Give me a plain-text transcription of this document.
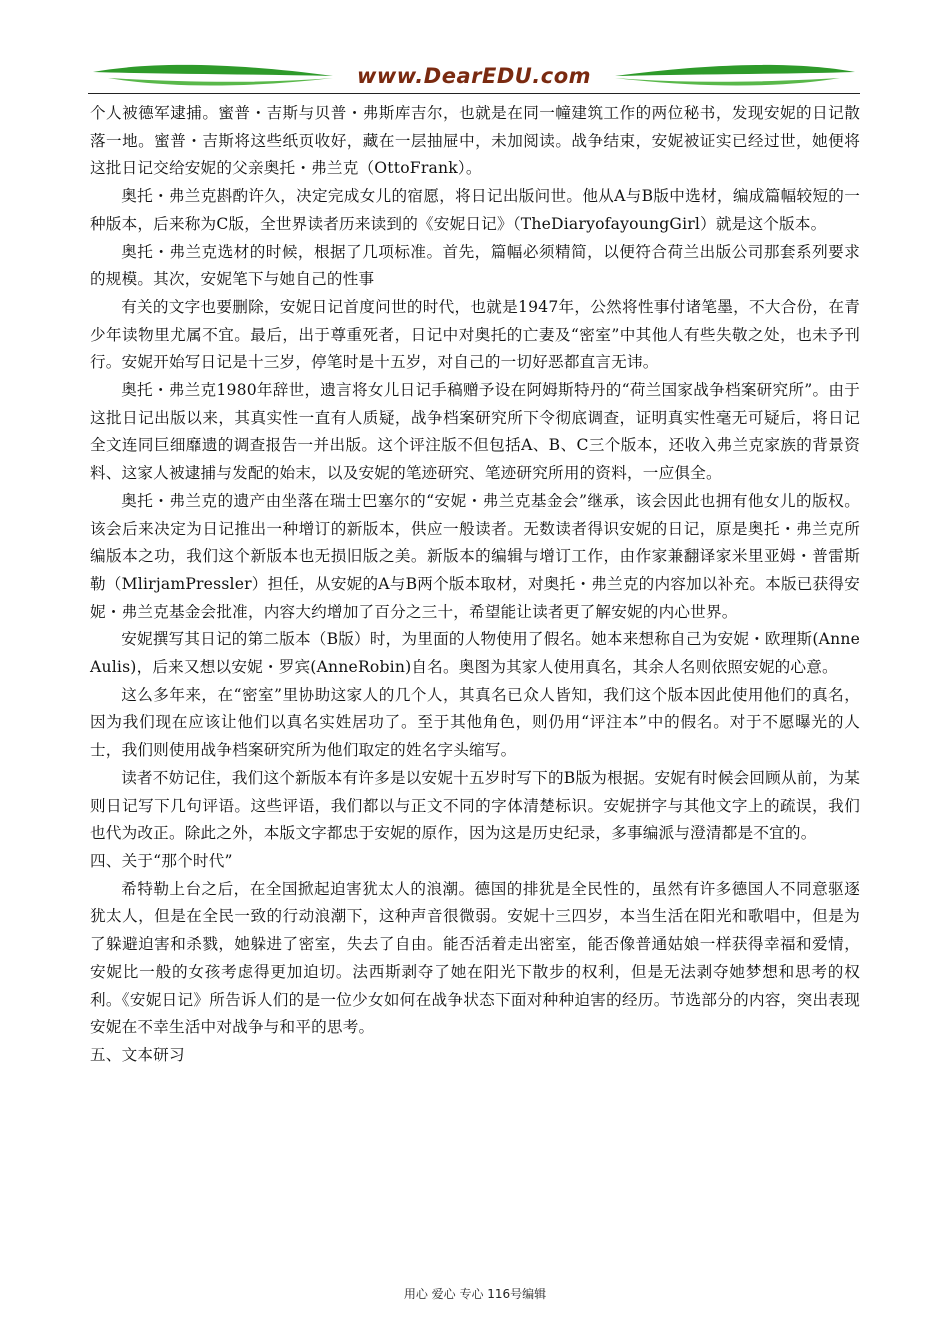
www.DearEDU.com

个人被德军逮捕。蜜普・吉斯与贝普・弗斯库吉尔，也就是在同一幢建筑工作的两位秘书，发现安妮的日记散落一地。蜜普・吉斯将这些纸页收好，藏在一层抽屉中，未加阅读。战争结束，安妮被证实已经过世，她便将这批日记交给安妮的父亲奥托・弗兰克（OttoFrank）。

奥托・弗兰克斟酌许久，决定完成女儿的宿愿，将日记出版问世。他从A与B版中选材，编成篇幅较短的一种版本，后来称为C版，全世界读者历来读到的《安妮日记》（TheDiaryofayoungGirl）就是这个版本。

奥托・弗兰克选材的时候，根据了几项标准。首先，篇幅必须精简，以便符合荷兰出版公司那套系列要求的规模。其次，安妮笔下与她自己的性事

有关的文字也要删除，安妮日记首度问世的时代，也就是1947年，公然将性事付诸笔墨，不大合份，在青少年读物里尤属不宜。最后，出于尊重死者，日记中对奥托的亡妻及“密室”中其他人有些失敬之处，也未予刊行。安妮开始写日记是十三岁，停笔时是十五岁，对自己的一切好恶都直言无讳。

奥托・弗兰克1980年辞世，遗言将女儿日记手稿赠予设在阿姆斯特丹的“荷兰国家战争档案研究所”。由于这批日记出版以来，其真实性一直有人质疑，战争档案研究所下令彻底调查，证明真实性毫无可疑后，将日记全文连同巨细靡遗的调查报告一并出版。这个评注版不但包括A、B、C三个版本，还收入弗兰克家族的背景资料、这家人被逮捕与发配的始末，以及安妮的笔迹研究、笔迹研究所用的资料，一应俱全。

奥托・弗兰克的遗产由坐落在瑞士巴塞尔的“安妮・弗兰克基金会”继承，该会因此也拥有他女儿的版权。该会后来决定为日记推出一种增订的新版本，供应一般读者。无数读者得识安妮的日记，原是奥托・弗兰克所编版本之功，我们这个新版本也无损旧版之美。新版本的编辑与增订工作，由作家兼翻译家米里亚姆・普雷斯勒（MlirjamPressler）担任，从安妮的A与B两个版本取材，对奥托・弗兰克的内容加以补充。本版已获得安妮・弗兰克基金会批准，内容大约增加了百分之三十，希望能让读者更了解安妮的内心世界。

安妮撰写其日记的第二版本（B版）时，为里面的人物使用了假名。她本来想称自己为安妮・欧理斯(AnneAulis)，后来又想以安妮・罗宾(AnneRobin)自名。奥图为其家人使用真名，其余人名则依照安妮的心意。

这么多年来，在“密室”里协助这家人的几个人，其真名已众人皆知，我们这个版本因此使用他们的真名，因为我们现在应该让他们以真名实姓居功了。至于其他角色，则仍用“评注本”中的假名。对于不愿曝光的人士，我们则使用战争档案研究所为他们取定的姓名字头缩写。

读者不妨记住，我们这个新版本有许多是以安妮十五岁时写下的B版为根据。安妮有时候会回顾从前，为某则日记写下几句评语。这些评语，我们都以与正文不同的字体清楚标识。安妮拼字与其他文字上的疏误，我们也代为改正。除此之外，本版文字都忠于安妮的原作，因为这是历史纪录，多事编派与澄清都是不宜的。

四、关于“那个时代”

希特勒上台之后，在全国掀起迫害犹太人的浪潮。德国的排犹是全民性的，虽然有许多德国人不同意驱逐犹太人，但是在全民一致的行动浪潮下，这种声音很微弱。安妮十三四岁，本当生活在阳光和歌唱中，但是为了躲避迫害和杀戮，她躲进了密室，失去了自由。能否活着走出密室，能否像普通姑娘一样获得幸福和爱情，安妮比一般的女孩考虑得更加迫切。法西斯剥夺了她在阳光下散步的权利，但是无法剥夺她梦想和思考的权利。《安妮日记》所告诉人们的是一位少女如何在战争状态下面对种种迫害的经历。节选部分的内容，突出表现安妮在不幸生活中对战争与和平的思考。

五、文本研习

用心 爱心 专心 116号编辑
